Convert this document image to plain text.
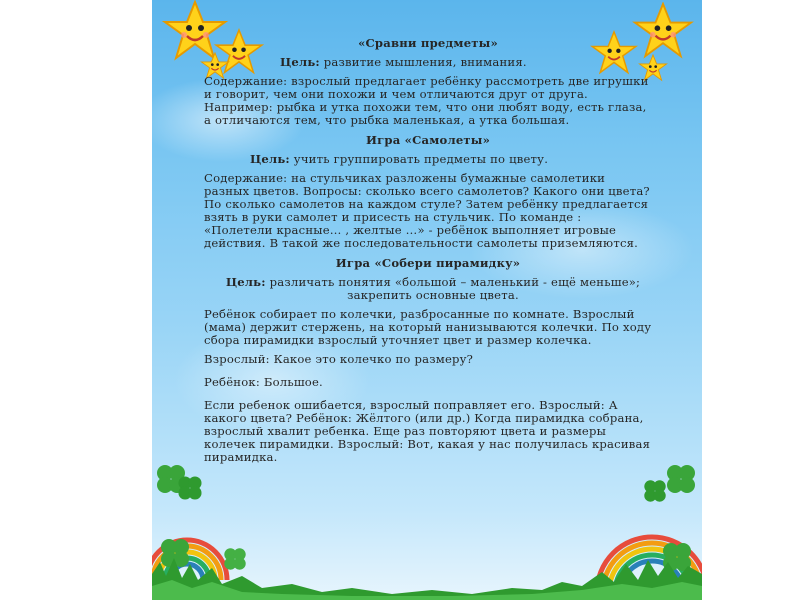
«Сравни предметы»

Цель: развитие мышления, внимания.

Содержание: взрослый предлагает ребёнку рассмотреть две игрушки и говорит, чем они похожи и чем отличаются друг от друга. Например: рыбка и утка похожи тем, что они любят воду, есть глаза, а отличаются тем, что рыбка маленькая, а утка большая.

Игра «Самолеты»

Цель: учить группировать предметы по цвету.

Содержание: на стульчиках разложены бумажные самолетики разных цветов. Вопросы: сколько всего самолетов? Какого они цвета? По сколько самолетов на каждом стуле? Затем ребёнку предлагается взять в руки самолет и присесть на стульчик. По команде : «Полетели красные… , желтые …» - ребёнок выполняет игровые действия. В такой же последовательности самолеты приземляются.

Игра «Собери пирамидку»

Цель: различать понятия «большой – маленький - ещё меньше»; закрепить основные цвета.

Ребёнок собирает по колечки, разбросанные по комнате. Взрослый (мама) держит стержень, на который нанизываются колечки. По ходу сбора пирамидки взрослый уточняет цвет и размер колечка.

Взрослый: Какое это колечко по размеру?

Ребёнок: Большое.

Если ребенок ошибается, взрослый поправляет его. Взрослый: А какого цвета? Ребёнок: Жёлтого (или др.) Когда пирамидка собрана, взрослый хвалит ребенка. Еще раз повторяют цвета и размеры колечек пирамидки. Взрослый: Вот, какая у нас получилась красивая пирамидка.
